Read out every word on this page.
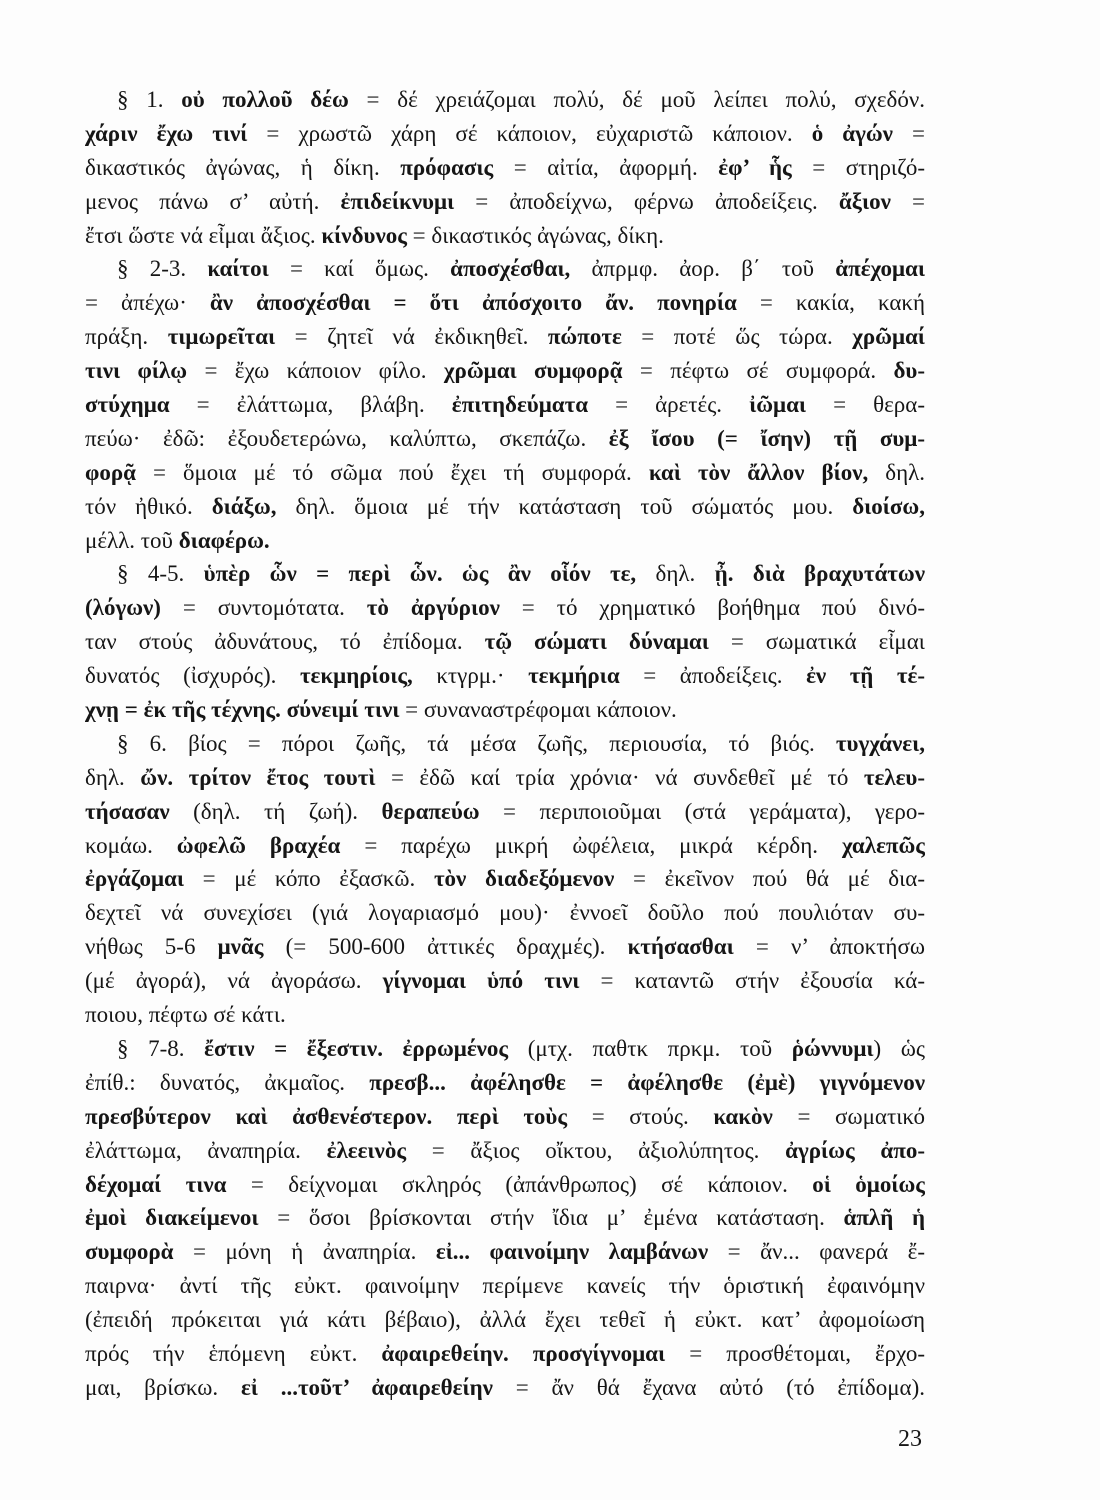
§ 1. οὐ πολλοῦ δέω = δέ χρειάζομαι πολύ, δέ μοῦ λείπει πολύ, σχεδόν.
χάριν ἔχω τινί = χρωστῶ χάρη σέ κάποιον, εὐχαριστῶ κάποιον. ὁ ἀγών =
δικαστικός ἀγώνας, ἡ δίκη. πρόφασις = αἰτία, ἀφορμή. ἐφ’ ἧς = στηριζό-
μενος πάνω σ’ αὐτή. ἐπιδείκνυμι = ἀποδείχνω, φέρνω ἀποδείξεις. ἄξιον =
ἔτσι ὥστε νά εἶμαι ἄξιος. κίνδυνος = δικαστικός ἀγώνας, δίκη.
§ 2-3. καίτοι = καί ὅμως. ἀποσχέσθαι, ἀπρμφ. ἀορ. β΄ τοῦ ἀπέχομαι
= ἀπέχω· ἂν ἀποσχέσθαι = ὅτι ἀπόσχοιτο ἄν. πονηρία = κακία, κακή
πράξη. τιμωρεῖται = ζητεῖ νά ἐκδικηθεῖ. πώποτε = ποτέ ὥς τώρα. χρῶμαί
τινι φίλῳ = ἔχω κάποιον φίλο. χρῶμαι συμφορᾷ = πέφτω σέ συμφορά. δυ-
στύχημα = ἐλάττωμα, βλάβη. ἐπιτηδεύματα = ἀρετές. ἰῶμαι = θερα-
πεύω· ἐδῶ: ἐξουδετερώνω, καλύπτω, σκεπάζω. ἐξ ἴσου (= ἴσην) τῇ συμ-
φορᾷ = ὅμοια μέ τό σῶμα πού ἔχει τή συμφορά. καὶ τὸν ἄλλον βίον, δηλ.
τόν ἠθικό. διάξω, δηλ. ὅμοια μέ τήν κατάσταση τοῦ σώματός μου. διοίσω,
μέλλ. τοῦ διαφέρω.
§ 4-5. ὑπὲρ ὧν = περὶ ὧν. ὡς ἂν οἷόν τε, δηλ. ᾖ. διὰ βραχυτάτων
(λόγων) = συντομότατα. τὸ ἀργύριον = τό χρηματικό βοήθημα πού δινό-
ταν στούς ἀδυνάτους, τό ἐπίδομα. τῷ σώματι δύναμαι = σωματικά εἶμαι
δυνατός (ἰσχυρός). τεκμηρίοις, κτγρμ.· τεκμήρια = ἀποδείξεις. ἐν τῇ τέ-
χνῃ = ἐκ τῆς τέχνης. σύνειμί τινι = συναναστρέφομαι κάποιον.
§ 6. βίος = πόροι ζωῆς, τά μέσα ζωῆς, περιουσία, τό βιός. τυγχάνει,
δηλ. ὤν. τρίτον ἔτος τουτὶ = ἐδῶ καί τρία χρόνια· νά συνδεθεῖ μέ τό τελευ-
τήσασαν (δηλ. τή ζωή). θεραπεύω = περιποιοῦμαι (στά γεράματα), γερο-
κομάω. ὠφελῶ βραχέα = παρέχω μικρή ὠφέλεια, μικρά κέρδη. χαλεπῶς
ἐργάζομαι = μέ κόπο ἐξασκῶ. τὸν διαδεξόμενον = ἐκεῖνον πού θά μέ δια-
δεχτεῖ νά συνεχίσει (γιά λογαριασμό μου)· ἐννοεῖ δοῦλο πού πουλιόταν συ-
νήθως 5-6 μνᾶς (= 500-600 ἀττικές δραχμές). κτήσασθαι = ν’ ἀποκτήσω
(μέ ἀγορά), νά ἀγοράσω. γίγνομαι ὑπό τινι = καταντῶ στήν ἐξουσία κά-
ποιου, πέφτω σέ κάτι.
§ 7-8. ἔστιν = ἔξεστιν. ἐρρωμένος (μτχ. παθτκ πρκμ. τοῦ ῥώννυμι) ὡς
ἐπίθ.: δυνατός, ἀκμαῖος. πρεσβ... ἀφέλησθε = ἀφέλησθε (ἐμὲ) γιγνόμενον
πρεσβύτερον καὶ ἀσθενέστερον. περὶ τοὺς = στούς. κακὸν = σωματικό
ἐλάττωμα, ἀναπηρία. ἐλεεινὸς = ἄξιος οἴκτου, ἀξιολύπητος. ἀγρίως ἀπο-
δέχομαί τινα = δείχνομαι σκληρός (ἀπάνθρωπος) σέ κάποιον. οἱ ὁμοίως
ἐμοὶ διακείμενοι = ὅσοι βρίσκονται στήν ἴδια μ’ ἐμένα κατάσταση. ἁπλῆ ἡ
συμφορὰ = μόνη ἡ ἀναπηρία. εἰ... φαινοίμην λαμβάνων = ἄν... φανερά ἔ-
παιρνα· ἀντί τῆς εὐκτ. φαινοίμην περίμενε κανείς τήν ὁριστική ἐφαινόμην
(ἐπειδή πρόκειται γιά κάτι βέβαιο), ἀλλά ἔχει τεθεῖ ἡ εὐκτ. κατ’ ἀφομοίωση
πρός τήν ἑπόμενη εὐκτ. ἀφαιρεθείην. προσγίγνομαι = προσθέτομαι, ἔρχο-
μαι, βρίσκω. εἰ ...τοῦτ’ ἀφαιρεθείην = ἄν θά ἔχανα αὐτό (τό ἐπίδομα).
23
